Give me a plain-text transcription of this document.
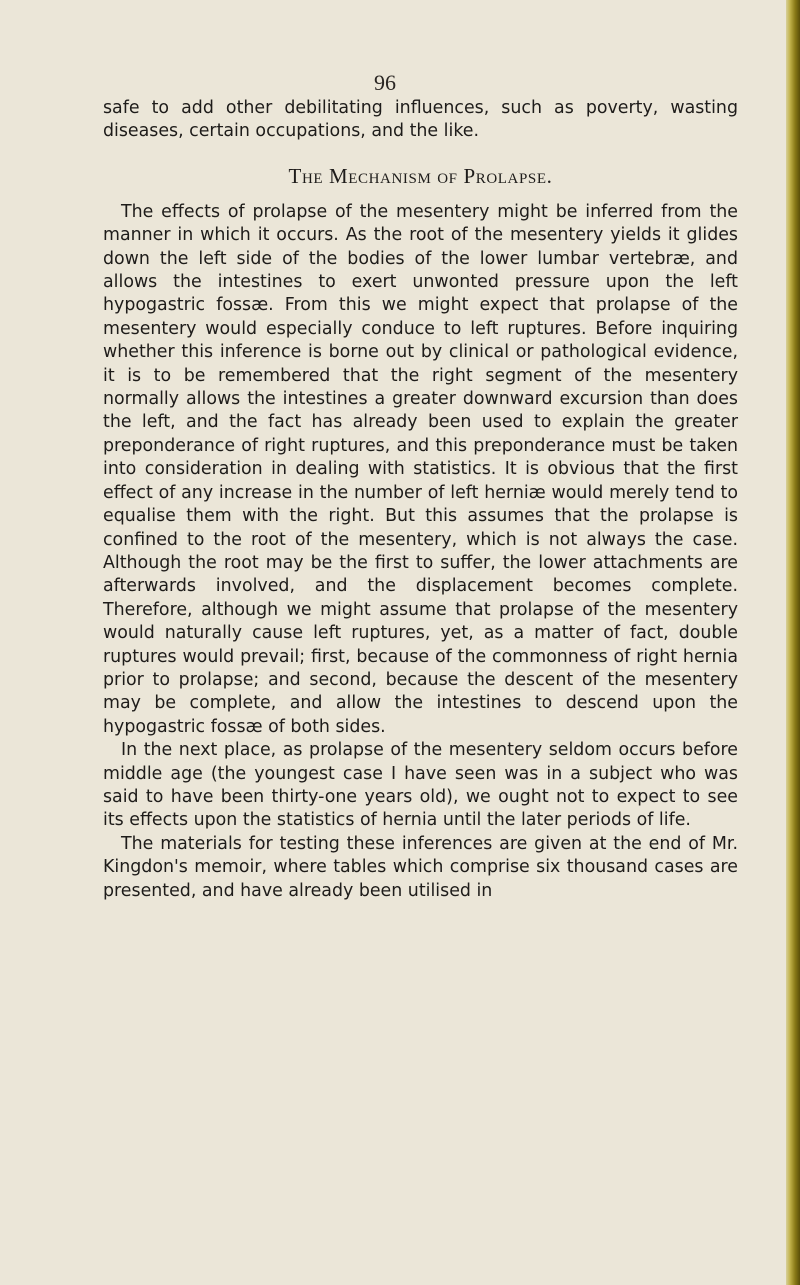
96

safe to add other debilitating influences, such as poverty, wasting diseases, certain occupations, and the like.

The Mechanism of Prolapse.

The effects of prolapse of the mesentery might be inferred from the manner in which it occurs. As the root of the mesentery yields it glides down the left side of the bodies of the lower lumbar vertebræ, and allows the intestines to exert unwonted pressure upon the left hypogastric fossæ. From this we might expect that prolapse of the mesentery would especially conduce to left ruptures. Before inquiring whether this inference is borne out by clinical or pathological evidence, it is to be remembered that the right segment of the mesentery normally allows the intestines a greater downward excursion than does the left, and the fact has already been used to explain the greater preponderance of right ruptures, and this preponderance must be taken into consideration in dealing with statistics. It is obvious that the first effect of any increase in the number of left herniæ would merely tend to equalise them with the right. But this assumes that the prolapse is confined to the root of the mesentery, which is not always the case. Although the root may be the first to suffer, the lower attachments are afterwards involved, and the displacement becomes complete. Therefore, although we might assume that prolapse of the mesentery would naturally cause left ruptures, yet, as a matter of fact, double ruptures would prevail; first, because of the commonness of right hernia prior to prolapse; and second, because the descent of the mesentery may be complete, and allow the intestines to descend upon the hypogastric fossæ of both sides.

In the next place, as prolapse of the mesentery seldom occurs before middle age (the youngest case I have seen was in a subject who was said to have been thirty-one years old), we ought not to expect to see its effects upon the statistics of hernia until the later periods of life.

The materials for testing these inferences are given at the end of Mr. Kingdon's memoir, where tables which comprise six thousand cases are presented, and have already been utilised in
